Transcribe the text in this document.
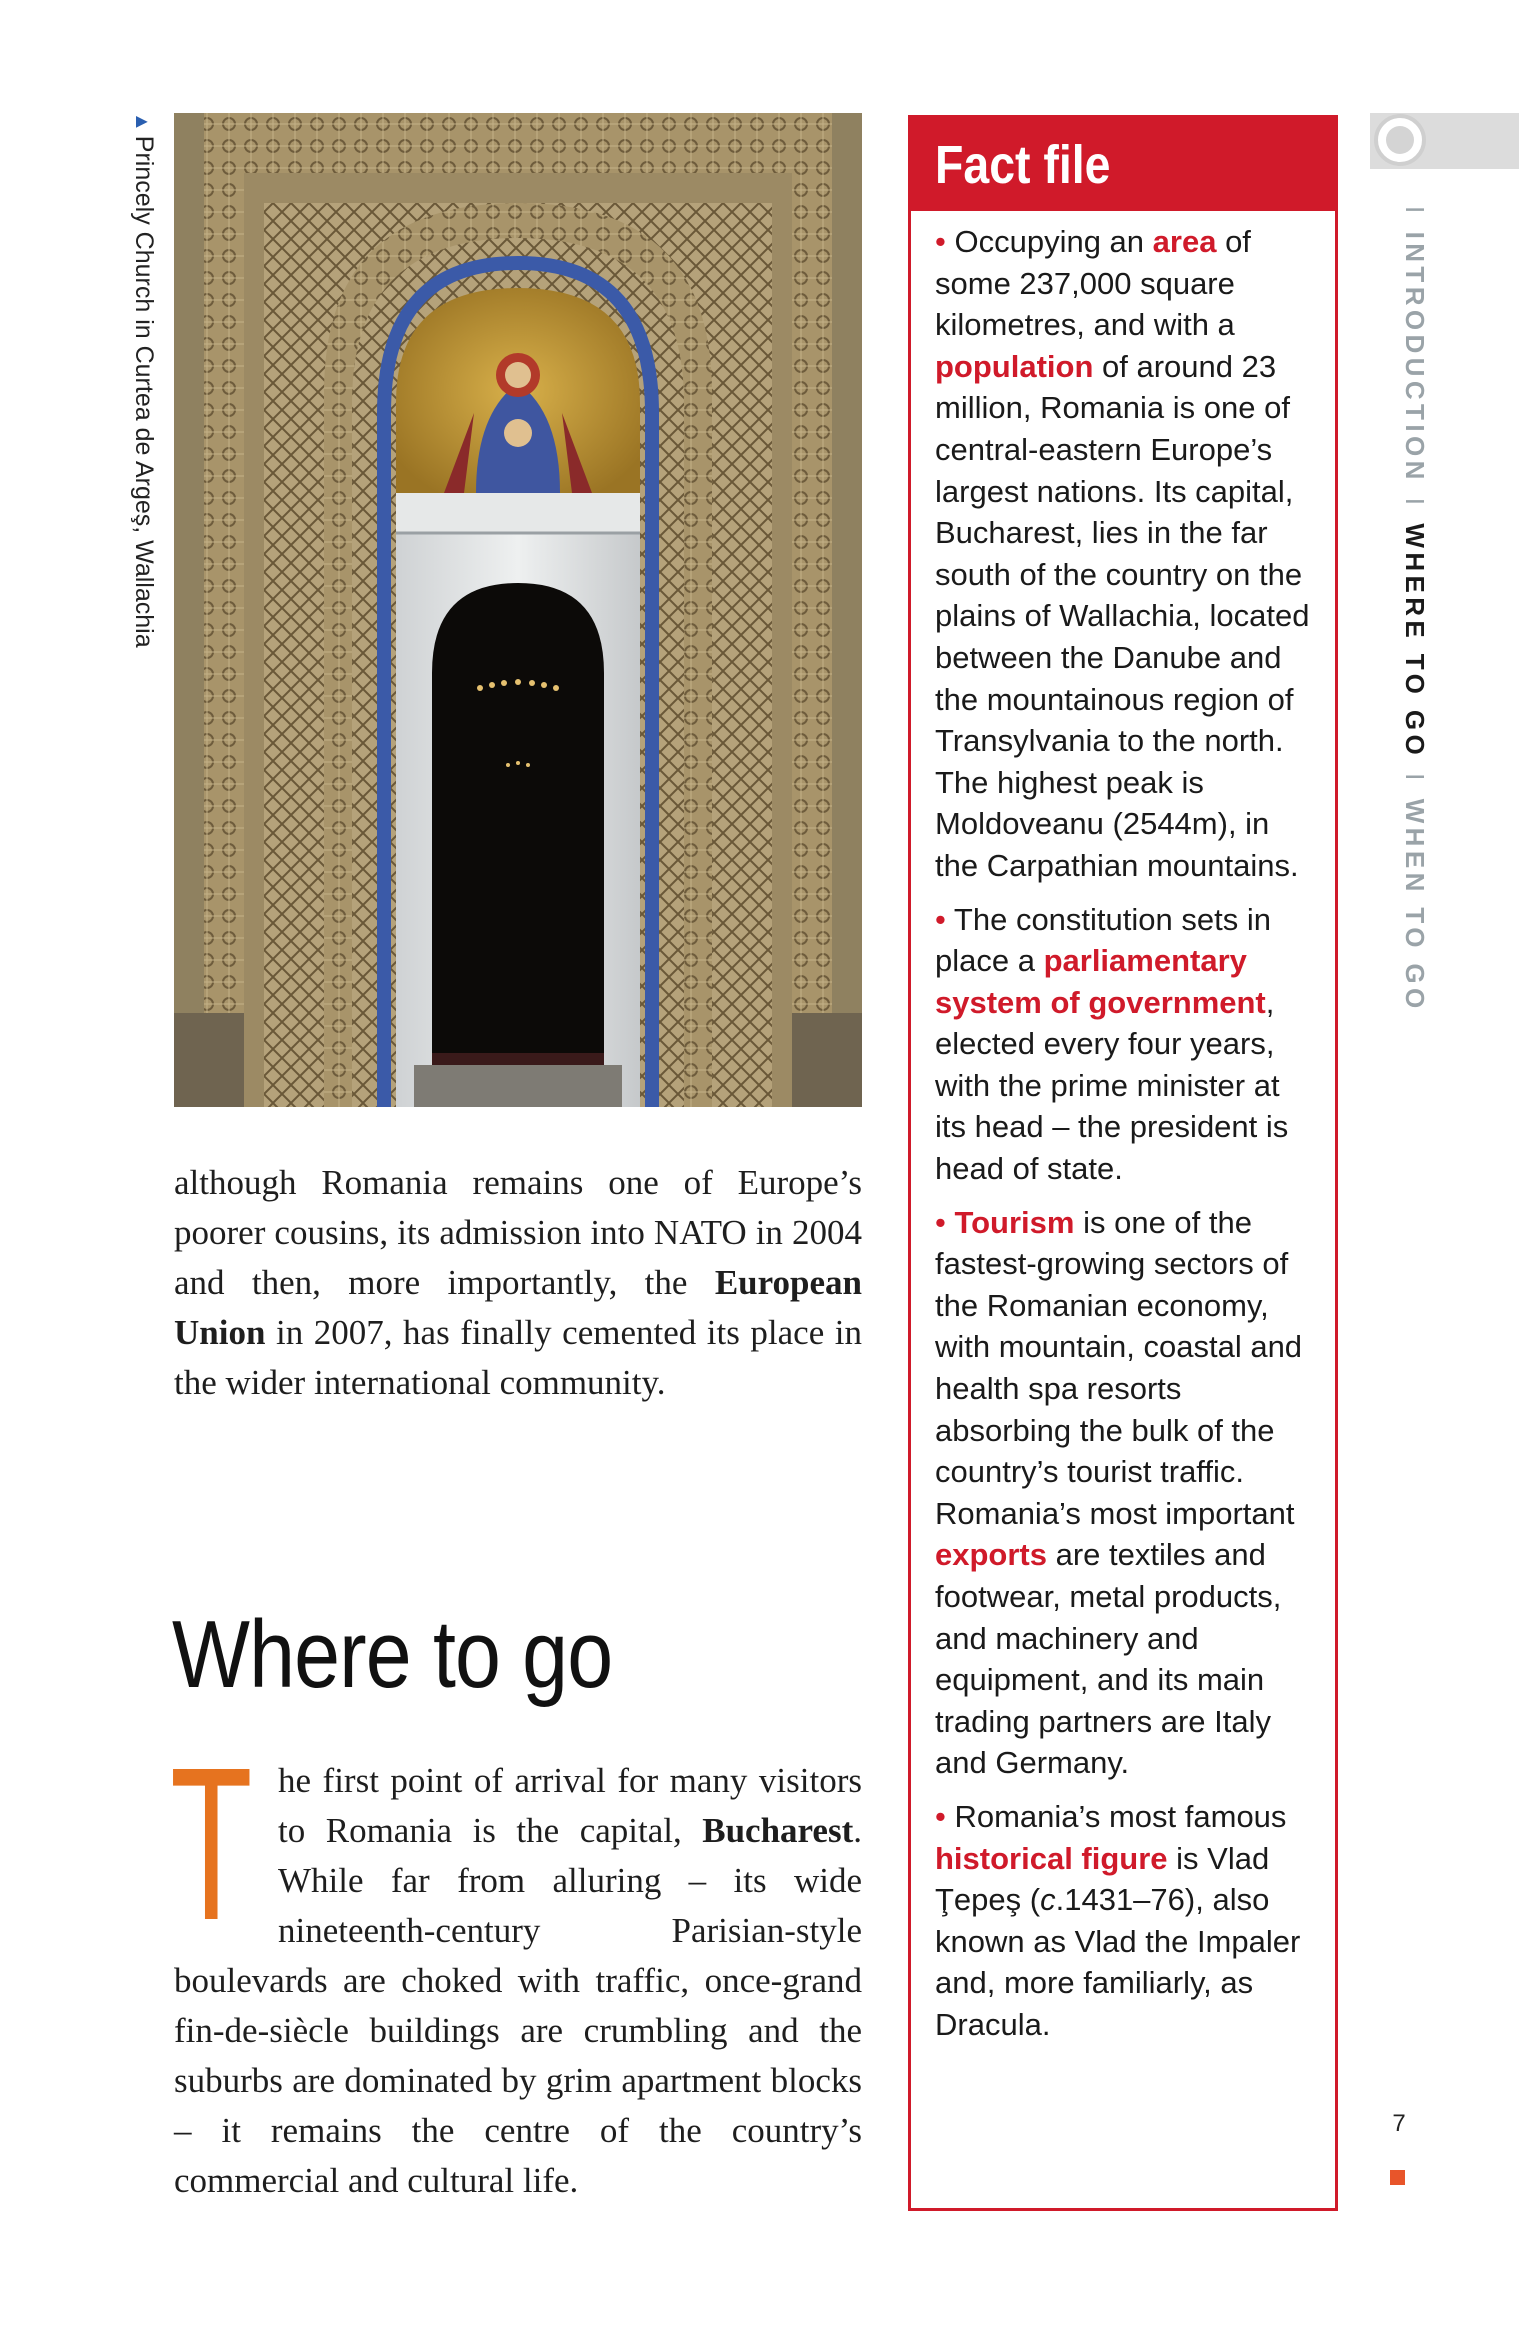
▲Princely Church in Curtea de Argeş, Wallachia
although Romania remains one of Europe’s poorer cousins, its admission into NATO in 2004 and then, more importantly, the European Union in 2007, has finally cemented its place in the wider international community.
Where to go
The first point of arrival for many visitors to Romania is the capital, Bucharest. While far from alluring – its wide nineteenth-century Parisian-style boulevards are choked with traffic, once-grand fin-de-siècle buildings are crumbling and the suburbs are dominated by grim apartment blocks – it remains the centre of the country’s commercial and cultural life.
Fact file

• Occupying an area of some 237,000 square kilometres, and with a population of around 23 million, Romania is one of central-eastern Europe’s largest nations. Its capital, Bucharest, lies in the far south of the country on the plains of Wallachia, located between the Danube and the mountainous region of Transylvania to the north. The highest peak is Moldoveanu (2544m), in the Carpathian mountains.

• The constitution sets in place a parliamentary system of government, elected every four years, with the prime minister at its head – the president is head of state.

• Tourism is one of the fastest-growing sectors of the Romanian economy, with mountain, coastal and health spa resorts absorbing the bulk of the country’s tourist traffic. Romania’s most important exports are textiles and footwear, metal products, and machinery and equipment, and its main trading partners are Italy and Germany.

• Romania’s most famous historical figure is Vlad Ţepeş (c.1431–76), also known as Vlad the Impaler and, more familiarly, as Dracula.

IINTRODUCTIONIWHERE TO GOIWHEN TO GO
7
